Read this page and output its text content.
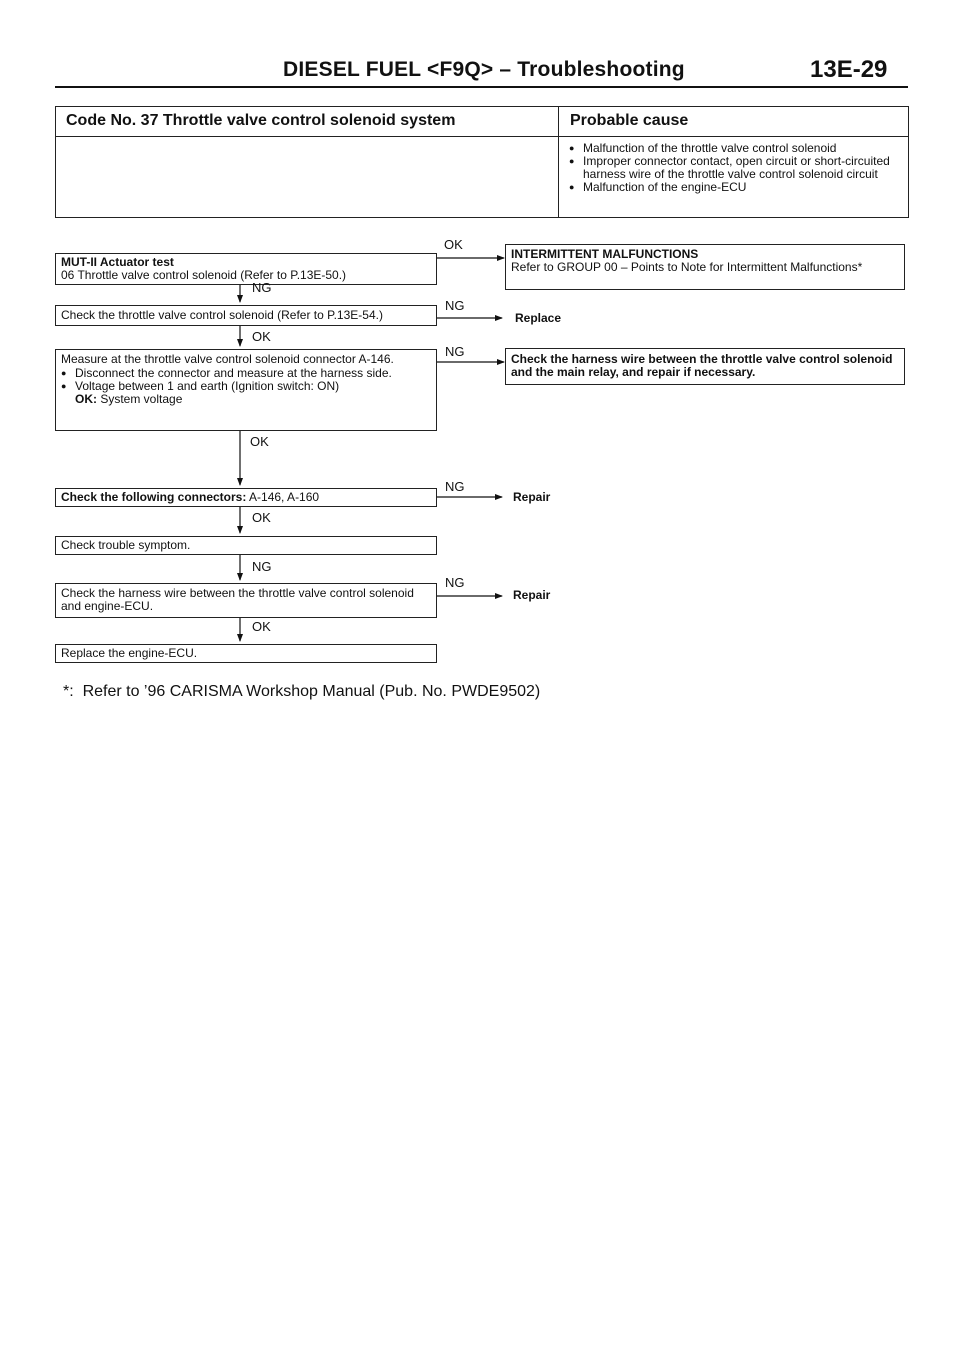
DIESEL FUEL <F9Q> – Troubleshooting	13E-29
Code No. 37 Throttle valve control solenoid system	Probable cause
● Malfunction of the throttle valve control solenoid
● Improper connector contact, open circuit or short-circuited harness wire of the throttle valve control solenoid circuit
● Malfunction of the engine-ECU
MUT-II Actuator test
06 Throttle valve control solenoid (Refer to P.13E-50.)
OK
INTERMITTENT MALFUNCTIONS
Refer to GROUP 00 – Points to Note for Intermittent Malfunctions*
NG
Check the throttle valve control solenoid (Refer to P.13E-54.)
NG
Replace
OK
Measure at the throttle valve control solenoid connector A-146.
● Disconnect the connector and measure at the harness side.
● Voltage between 1 and earth (Ignition switch: ON)
OK: System voltage
NG	Check the harness wire between the throttle valve control solenoid and the main relay, and repair if necessary.
OK
Check the following connectors: A-146, A-160
NG
Repair
OK
Check trouble symptom.
NG
Check the harness wire between the throttle valve control solenoid and engine-ECU.
NG
Repair
OK
Replace the engine-ECU.
*:  Refer to ’96 CARISMA Workshop Manual (Pub. No. PWDE9502)
